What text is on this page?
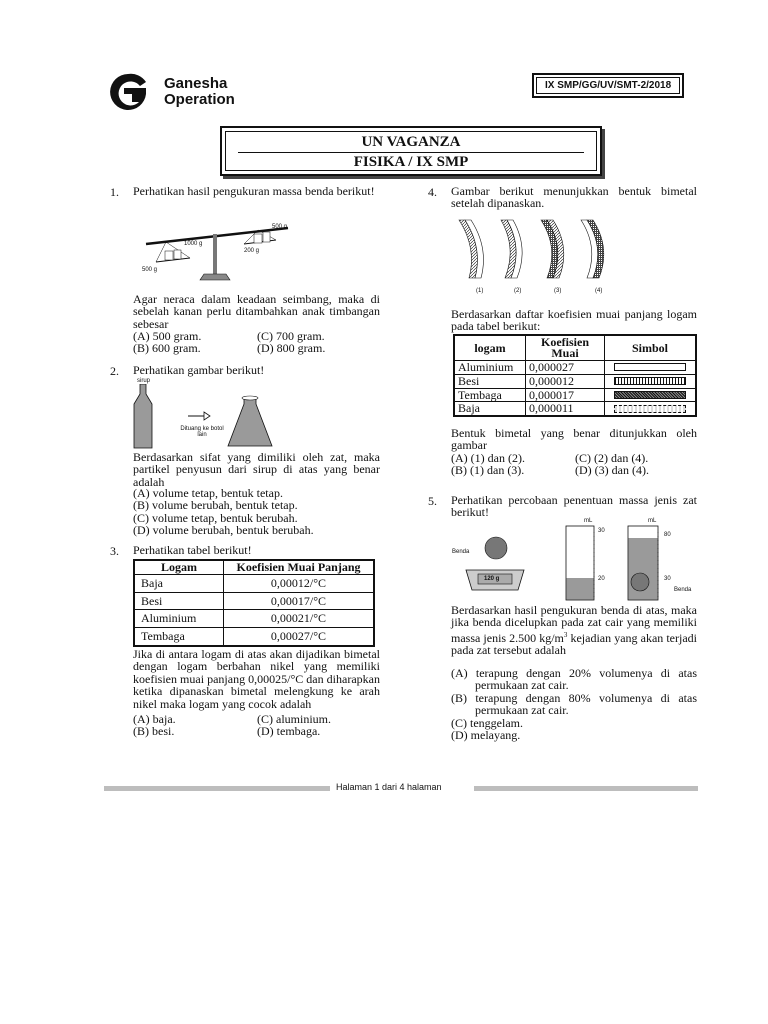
Ganesha
Operation
IX SMP/GG/UV/SMT-2/2018
UN VAGANZA
FISIKA / IX SMP
1.	Perhatikan hasil pengukuran massa benda berikut!
1000 g
500 g
500 g
200 g
Agar neraca dalam keadaan seimbang, maka di sebelah kanan perlu ditambahkan anak timbangan sebesar
(A) 500 gram.	(C) 700 gram.
(B) 600 gram.	(D) 800 gram.
2.	Perhatikan gambar berikut!
sirup
Dituang ke botol lain
Berdasarkan sifat yang dimiliki oleh zat, maka partikel penyusun dari sirup di atas yang benar adalah
(A) volume tetap, bentuk tetap.
(B) volume berubah, bentuk tetap.
(C) volume tetap, bentuk berubah.
(D) volume berubah, bentuk berubah.
3.	Perhatikan tabel berikut!
Logam	Koefisien Muai Panjang
Baja	0,00012/°C
Besi	0,00017/°C
Aluminium	0,00021/°C
Tembaga	0,00027/°C
Jika di antara logam di atas akan dijadikan bimetal dengan logam berbahan nikel yang memiliki koefisien muai panjang 0,00025/°C dan diharapkan ketika dipanaskan bimetal melengkung ke arah nikel maka logam yang cocok adalah
(A) baja.	(C) aluminium.
(B) besi.	(D) tembaga.
4.	Gambar berikut menunjukkan bentuk bimetal setelah dipanaskan.
(1)	(2)	(3)	(4)
Berdasarkan daftar koefisien muai panjang logam pada tabel berikut:
logam	Koefisien Muai	Simbol
Aluminium	0,000027	

Besi	0,000012	

Tembaga	0,000017	

Baja	0,000011	
Bentuk bimetal yang benar ditunjukkan oleh gambar
(A) (1) dan (2).	(C) (2) dan (4).
(B) (1) dan (3).	(D) (3) dan (4).
5.	Perhatikan percobaan penentuan massa jenis zat berikut!
Benda
120 g
mL
30
20
mL
80
30
Benda
Berdasarkan hasil pengukuran benda di atas, maka jika benda dicelupkan pada zat cair yang memiliki massa jenis 2.500 $kg/m^3$ kejadian yang akan terjadi pada zat tersebut adalah
(A) terapung dengan 20% volumenya di atas permukaan zat cair.
(B) terapung dengan 80% volumenya di atas permukaan zat cair.
(C) tenggelam.
(D) melayang.
Halaman 1 dari 4 halaman
